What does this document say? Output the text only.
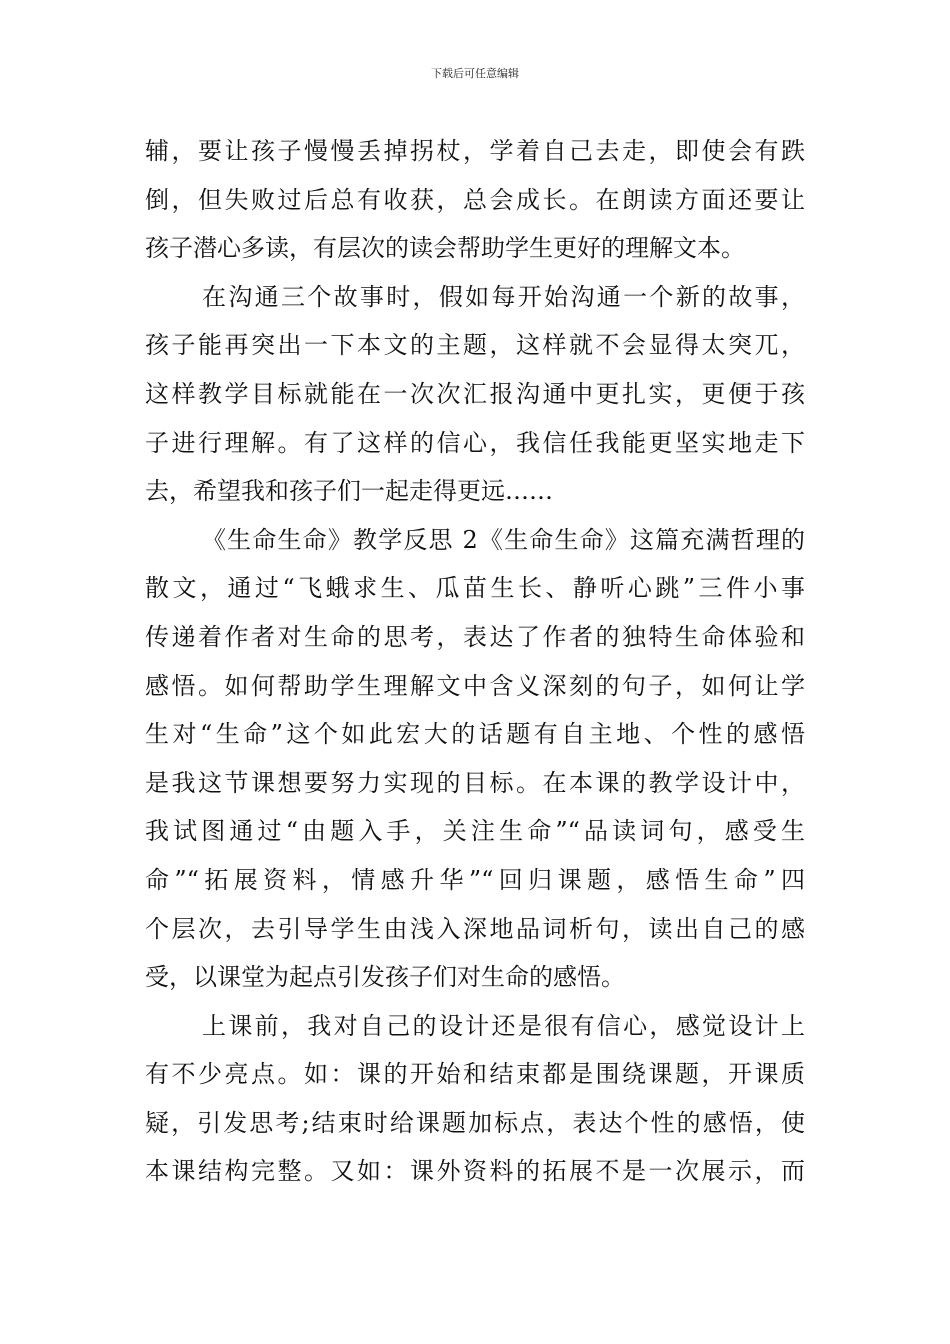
下载后可任意编辑
辅，要让孩子慢慢丢掉拐杖，学着自己去走，即使会有跌
倒，但失败过后总有收获，总会成长。在朗读方面还要让
孩子潜心多读，有层次的读会帮助学生更好的理解文本。
在沟通三个故事时，假如每开始沟通一个新的故事，
孩子能再突出一下本文的主题，这样就不会显得太突兀，
这样教学目标就能在一次次汇报沟通中更扎实，更便于孩
子进行理解。有了这样的信心，我信任我能更坚实地走下
去，希望我和孩子们一起走得更远……
《生命生命》教学反思 2《生命生命》这篇充满哲理的
散文，通过“飞蛾求生、瓜苗生长、静听心跳”三件小事
传递着作者对生命的思考，表达了作者的独特生命体验和
感悟。如何帮助学生理解文中含义深刻的句子，如何让学
生对“生命”这个如此宏大的话题有自主地、个性的感悟
是我这节课想要努力实现的目标。在本课的教学设计中，
我试图通过“由题入手，关注生命”“品读词句，感受生
命”“拓展资料，情感升华”“回归课题，感悟生命”四
个层次，去引导学生由浅入深地品词析句，读出自己的感
受，以课堂为起点引发孩子们对生命的感悟。
上课前，我对自己的设计还是很有信心，感觉设计上
有不少亮点。如：课的开始和结束都是围绕课题，开课质
疑，引发思考;结束时给课题加标点，表达个性的感悟，使
本课结构完整。又如：课外资料的拓展不是一次展示，而
